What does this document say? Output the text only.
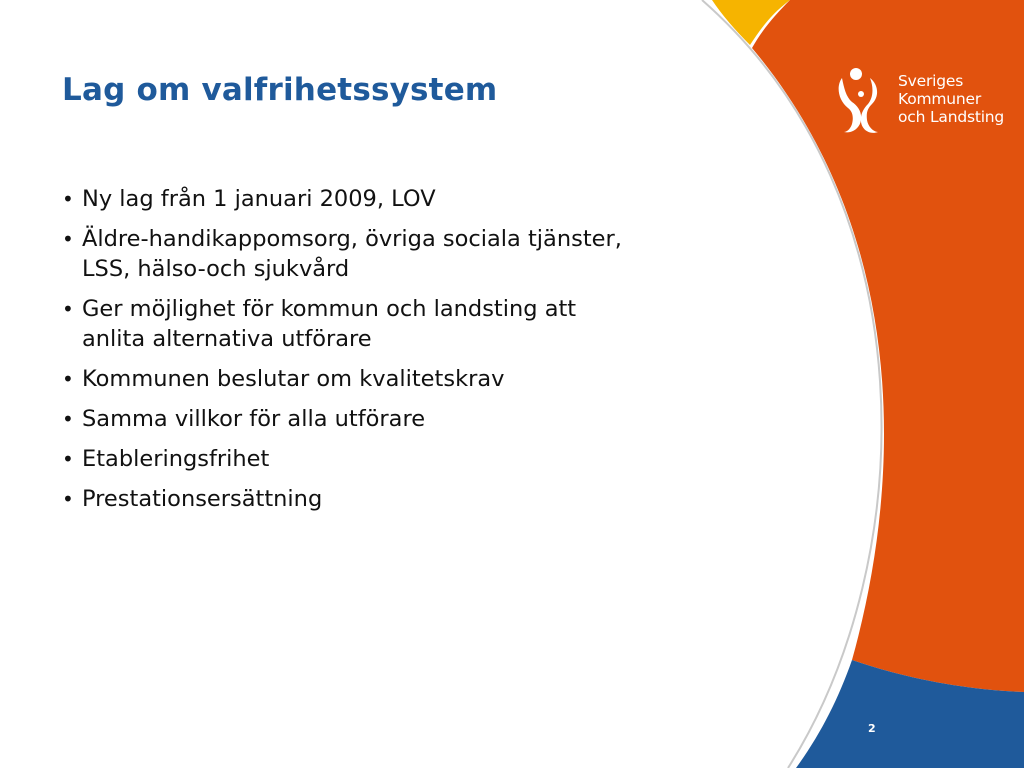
Lag om valfrihetssystem
• Ny lag från 1 januari 2009, LOV
• Äldre-handikappomsorg, övriga sociala tjänster, LSS, hälso-och sjukvård
• Ger möjlighet för kommun och landsting att anlita alternativa utförare
• Kommunen beslutar om kvalitetskrav
• Samma villkor för alla utförare
• Etableringsfrihet
• Prestationsersättning
Sveriges
Kommuner
och Landsting
2
